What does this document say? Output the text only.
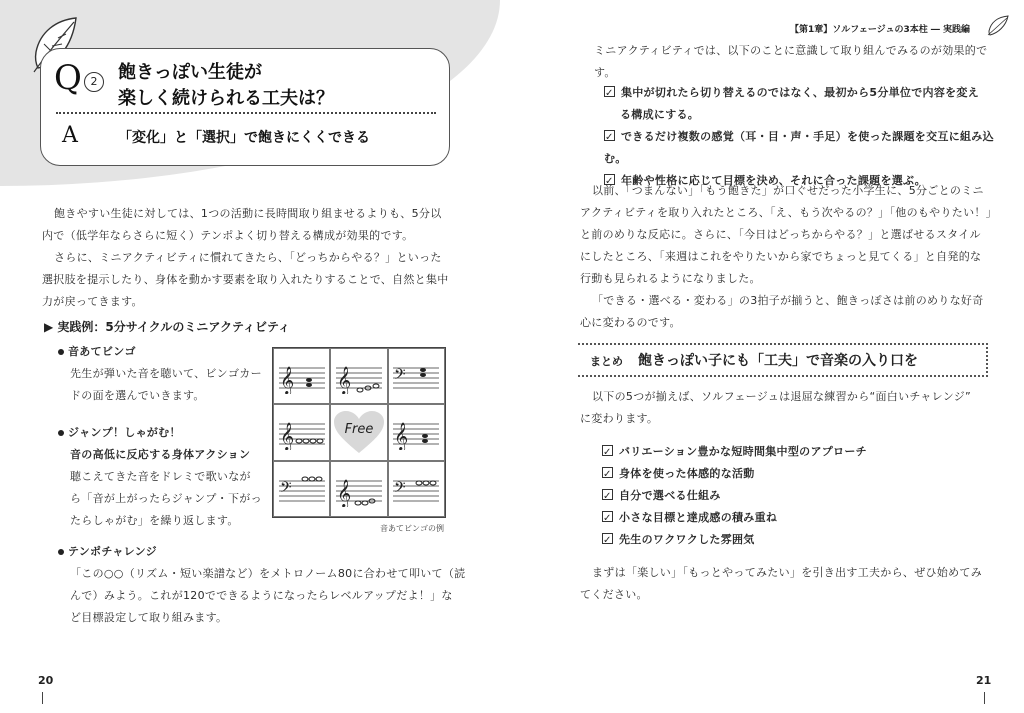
Q 2	飽きっぽい生徒が
楽しく続けられる工夫は？
A	「変化」と「選択」で飽きにくくできる
飽きやすい生徒に対しては、1つの活動に長時間取り組ませるよりも、5分以
内で（低学年ならさらに短く）テンポよく切り替える構成が効果的です。
さらに、ミニアクティビティに慣れてきたら、「どっちからやる？」といった
選択肢を提示したり、身体を動かす要素を取り入れたりすることで、自然と集中
力が戻ってきます。
▶ 実践例：5分サイクルのミニアクティビティ
音あてビンゴ
先生が弾いた音を聴いて、ビンゴカー
ドの面を選んでいきます。
ジャンプ！しゃがむ！
音の高低に反応する身体アクション
聴こえてきた音をドレミで歌いなが
ら「音が上がったらジャンプ・下がっ
たらしゃがむ」を繰り返します。
テンポチャレンジ
「この○○（リズム・短い楽譜など）をメトロノーム80に合わせて叩いて（読
んで）みよう。これが120でできるようになったらレベルアップだよ！」な
ど目標設定して取り組みます。
𝄞 𝄞 𝄢
𝄞	Free 𝄞
𝄢 𝄞 𝄢
音あてビンゴの例
20
【第1章】ソルフェージュの3本柱 ― 実践編
ミニアクティビティでは、以下のことに意識して取り組んでみるのが効果的です。
✓集中が切れたら切り替えるのではなく、最初から5分単位で内容を変え
る構成にする。
✓できるだけ複数の感覚（耳・目・声・手足）を使った課題を交互に組み込む。
✓年齢や性格に応じて目標を決め、それに合った課題を選ぶ。
以前、「つまんない」「もう飽きた」が口ぐせだった小学生に、5分ごとのミニ
アクティビティを取り入れたところ、「え、もう次やるの？」「他のもやりたい！」
と前のめりな反応に。さらに、「今日はどっちからやる？」と選ばせるスタイル
にしたところ、「来週はこれをやりたいから家でちょっと見てくる」と自発的な
行動も見られるようになりました。
「できる・選べる・変わる」の3拍子が揃うと、飽きっぽさは前のめりな好奇
心に変わるのです。
まとめ 飽きっぽい子にも「工夫」で音楽の入り口を
以下の5つが揃えば、ソルフェージュは退屈な練習から“面白いチャレンジ”
に変わります。
✓バリエーション豊かな短時間集中型のアプローチ
✓身体を使った体感的な活動
✓自分で選べる仕組み
✓小さな目標と達成感の積み重ね
✓先生のワクワクした雰囲気
まずは「楽しい」「もっとやってみたい」を引き出す工夫から、ぜひ始めてみ
てください。
21
